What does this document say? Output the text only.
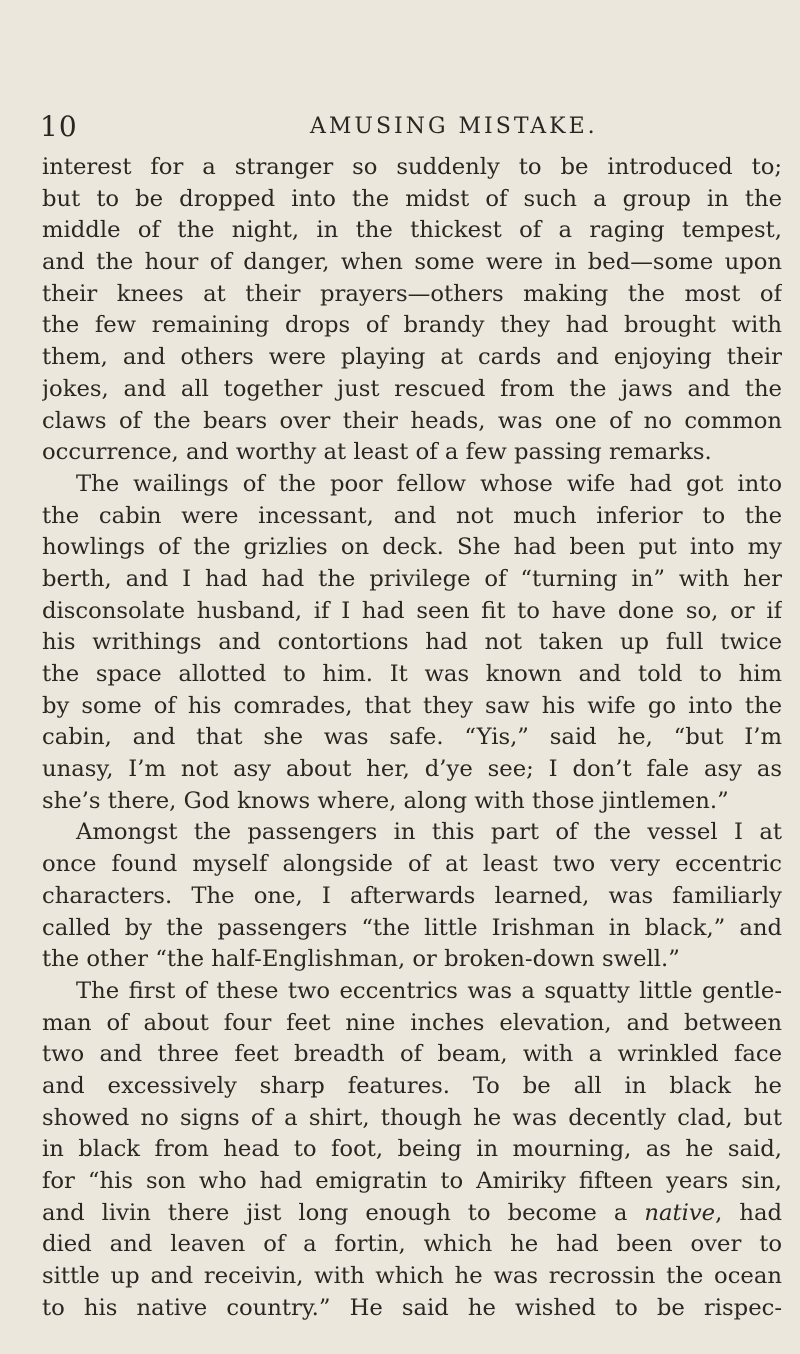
10	AMUSING MISTAKE.
interest for a stranger so suddenly to be introduced to;
but to be dropped into the midst of such a group in the
middle of the night, in the thickest of a raging tempest,
and the hour of danger, when some were in bed—some upon
their knees at their prayers—others making the most of
the few remaining drops of brandy they had brought with
them, and others were playing at cards and enjoying their
jokes, and all together just rescued from the jaws and the
claws of the bears over their heads, was one of no common
occurrence, and worthy at least of a few passing remarks.
The wailings of the poor fellow whose wife had got into
the cabin were incessant, and not much inferior to the
howlings of the grizlies on deck. She had been put into my
berth, and I had had the privilege of “turning in” with her
disconsolate husband, if I had seen fit to have done so, or if
his writhings and contortions had not taken up full twice
the space allotted to him. It was known and told to him
by some of his comrades, that they saw his wife go into the
cabin, and that she was safe. “Yis,” said he, “but I’m
unasy, I’m not asy about her, d’ye see; I don’t fale asy as
she’s there, God knows where, along with those jintlemen.”
Amongst the passengers in this part of the vessel I at
once found myself alongside of at least two very eccentric
characters. The one, I afterwards learned, was familiarly
called by the passengers “the little Irishman in black,” and
the other “the half-Englishman, or broken-down swell.”
The first of these two eccentrics was a squatty little gentle-
man of about four feet nine inches elevation, and between
two and three feet breadth of beam, with a wrinkled face
and excessively sharp features. To be all in black he
showed no signs of a shirt, though he was decently clad, but
in black from head to foot, being in mourning, as he said,
for “his son who had emigratin to Amiriky fifteen years sin,
and livin there jist long enough to become a native, had
died and leaven of a fortin, which he had been over to
sittle up and receivin, with which he was recrossin the ocean
to his native country.” He said he wished to be rispec-
